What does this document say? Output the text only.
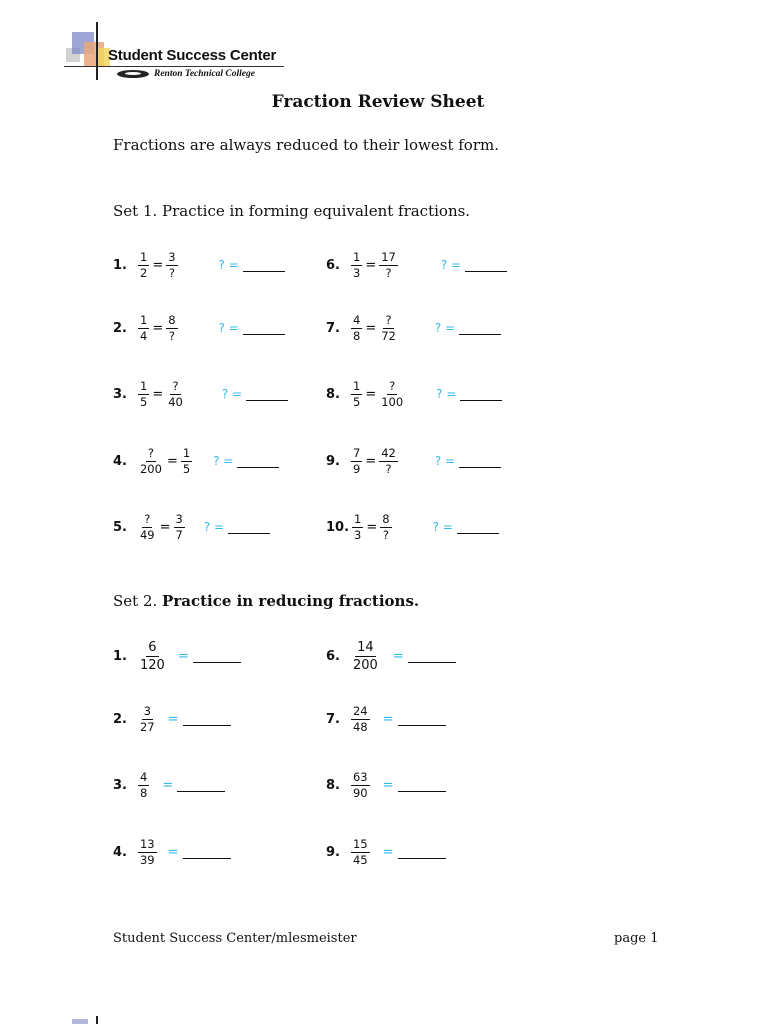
Student Success Center
Renton Technical College
Fraction Review Sheet
Fractions are always reduced to their lowest form.
Set 1. Practice in forming equivalent fractions.
1. $\frac{1}{2} = \frac{3}{?}$	? =
2. $\frac{1}{4} = \frac{8}{?}$	? =
3. $\frac{1}{5} = \frac{?}{40}$	? =
4. $\frac{?}{200} = \frac{1}{5}$ ? =
5. $\frac{?}{49} = \frac{3}{7}$ ? =
6. $\frac{1}{3} = \frac{17}{?}$	? =
7. $\frac{4}{8} = \frac{?}{72}$	? =
8. $\frac{1}{5} = \frac{?}{100}$	? =
9. $\frac{7}{9} = \frac{42}{?}$	? =
10. $\frac{1}{3} = \frac{8}{?}$	? =
Set 2. Practice in reducing fractions.
1. $\frac{6}{120}$ =
2. $\frac{3}{27}$ =
3. $\frac{4}{8}$ =
4. $\frac{13}{39}$ =
6. $\frac{14}{200}$ =
7. $\frac{24}{48}$ =
8. $\frac{63}{90}$ =
9. $\frac{15}{45}$ =
Student Success Center/mlesmeister	page 1
